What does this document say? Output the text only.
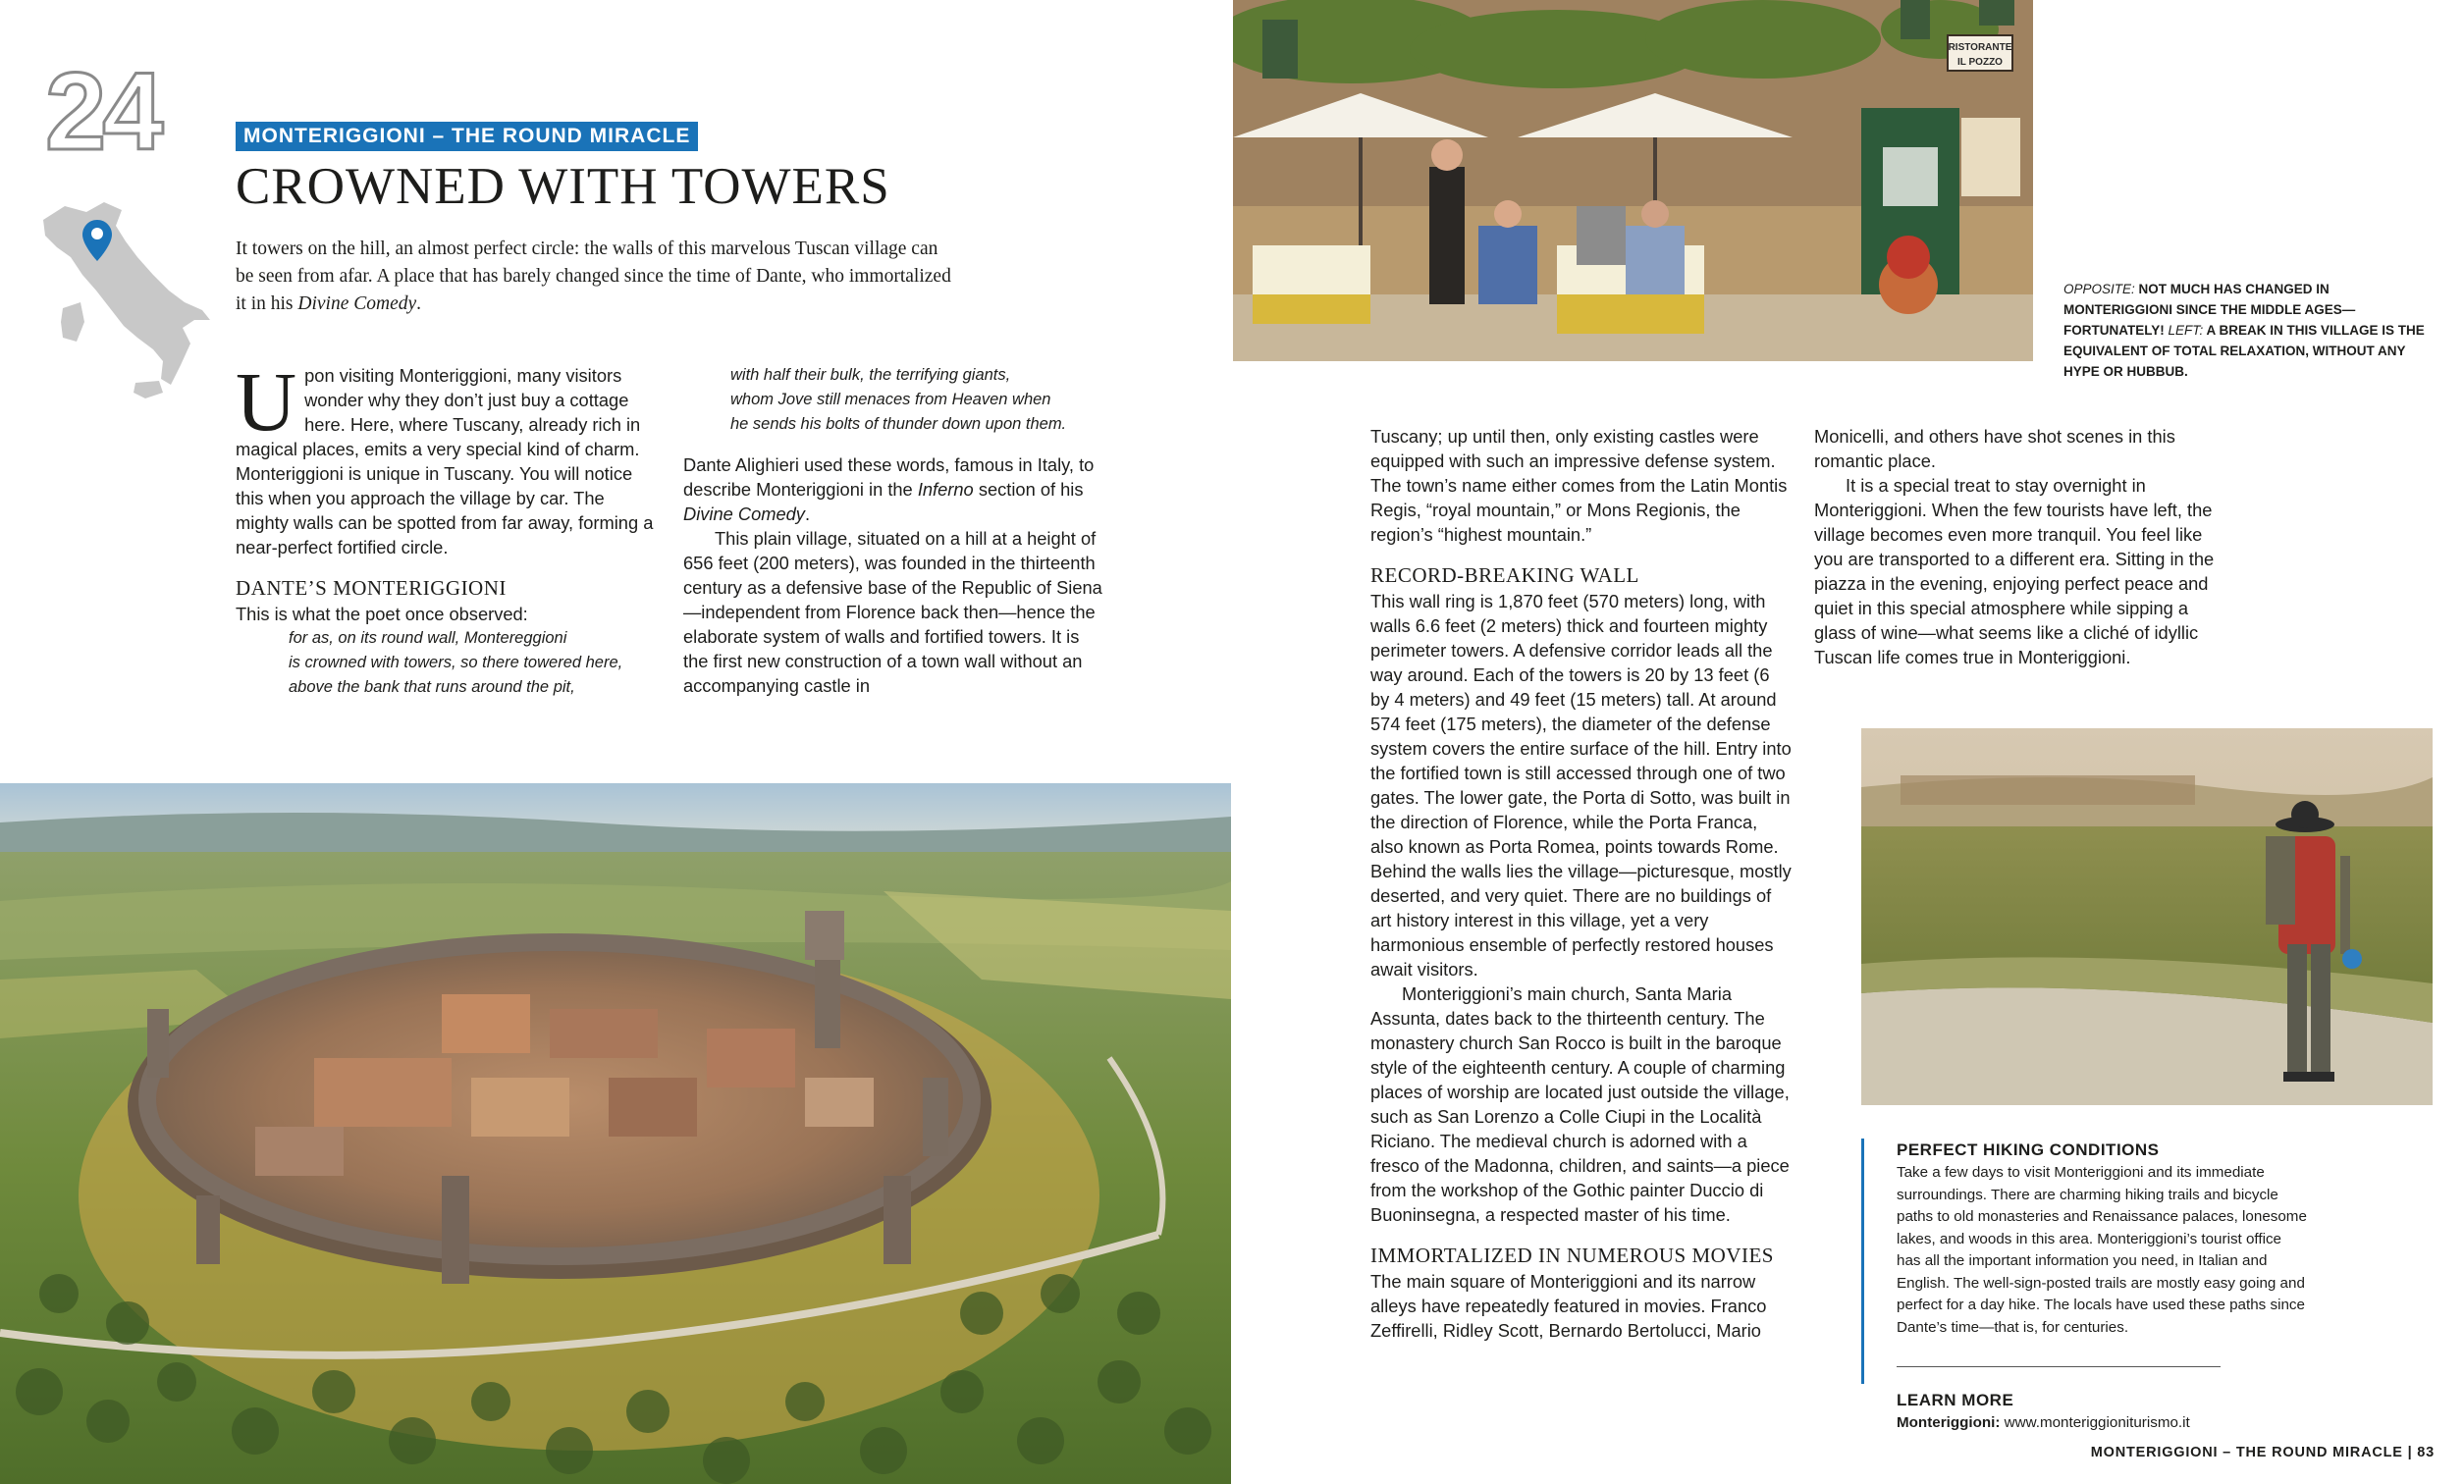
24	MONTERIGGIONI – THE ROUND MIRACLE
CROWNED WITH TOWERS
It towers on the hill, an almost perfect circle: the walls of this marvelous Tuscan village can be seen from afar. A place that has barely changed since the time of Dante, who immortalized it in his Divine Comedy.

Upon visiting Monteriggioni, many visitors wonder why they don’t just buy a cottage here. Here, where Tuscany, already rich in magical places, emits a very special kind of charm. Monteriggioni is unique in Tuscany. You will notice this when you approach the village by car. The mighty walls can be spotted from far away, forming a near-perfect fortified circle.

DANTE’S MONTERIGGIONI

This is what the poet once observed:

for as, on its round wall, Montereggioni
is crowned with towers, so there towered here,
above the bank that runs around the pit,
with half their bulk, the terrifying giants,
whom Jove still menaces from Heaven when
he sends his bolts of thunder down upon them.

Dante Alighieri used these words, famous in Italy, to describe Monteriggioni in the Inferno section of his Divine Comedy.

This plain village, situated on a hill at a height of 656 feet (200 meters), was founded in the thirteenth century as a defensive base of the Republic of Siena—independent from Florence back then—hence the elaborate system of walls and fortified towers. It is the first new construction of a town wall without an accompanying castle in

RISTORANTE
IL POZZO
OPPOSITE: NOT MUCH HAS CHANGED IN MONTERIGGIONI SINCE THE MIDDLE AGES—FORTUNATELY! LEFT: A BREAK IN THIS VILLAGE IS THE EQUIVALENT OF TOTAL RELAXATION, WITHOUT ANY HYPE OR HUBBUB.

Tuscany; up until then, only existing castles were equipped with such an impressive defense system. The town’s name either comes from the Latin Montis Regis, “royal mountain,” or Mons Regionis, the region’s “highest mountain.”

RECORD-BREAKING WALL

This wall ring is 1,870 feet (570 meters) long, with walls 6.6 feet (2 meters) thick and fourteen mighty perimeter towers. A defensive corridor leads all the way around. Each of the towers is 20 by 13 feet (6 by 4 meters) and 49 feet (15 meters) tall. At around 574 feet (175 meters), the diameter of the defense system covers the entire surface of the hill. Entry into the fortified town is still accessed through one of two gates. The lower gate, the Porta di Sotto, was built in the direction of Florence, while the Porta Franca, also known as Porta Romea, points towards Rome. Behind the walls lies the village—picturesque, mostly deserted, and very quiet. There are no buildings of art history interest in this village, yet a very harmonious ensemble of perfectly restored houses await visitors.

Monteriggioni’s main church, Santa Maria Assunta, dates back to the thirteenth century. The monastery church San Rocco is built in the baroque style of the eighteenth century. A couple of charming places of worship are located just outside the village, such as San Lorenzo a Colle Ciupi in the Località Riciano. The medieval church is adorned with a fresco of the Madonna, children, and saints—a piece from the workshop of the Gothic painter Duccio di Buoninsegna, a respected master of his time.

IMMORTALIZED IN NUMEROUS MOVIES

The main square of Monteriggioni and its narrow alleys have repeatedly featured in movies. Franco Zeffirelli, Ridley Scott, Bernardo Bertolucci, Mario

Monicelli, and others have shot scenes in this romantic place.

It is a special treat to stay overnight in Monteriggioni. When the few tourists have left, the village becomes even more tranquil. You feel like you are transported to a different era. Sitting in the piazza in the evening, enjoying perfect peace and quiet in this special atmosphere while sipping a glass of wine—what seems like a cliché of idyllic Tuscan life comes true in Monteriggioni.

PERFECT HIKING CONDITIONS
Take a few days to visit Monteriggioni and its immediate surroundings. There are charming hiking trails and bicycle paths to old monasteries and Renaissance palaces, lonesome lakes, and woods in this area. Monteriggioni’s tourist office has all the important information you need, in Italian and English. The well-sign-posted trails are mostly easy going and perfect for a day hike. The locals have used these paths since Dante’s time—that is, for centuries.
LEARN MORE
Monteriggioni: www.monteriggioniturismo.it
MONTERIGGIONI – THE ROUND MIRACLE | 83
